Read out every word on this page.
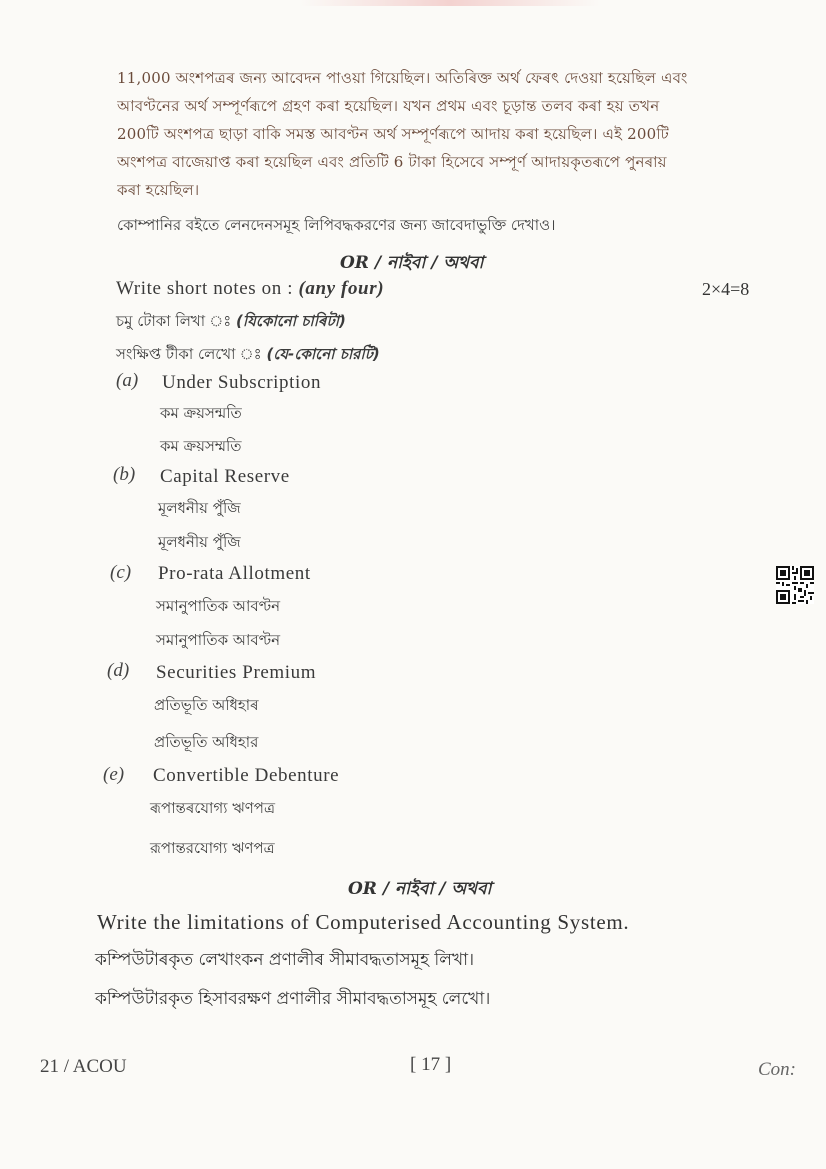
11,000 অংশপত্ৰৰ জন্য আবেদন পাওয়া গিয়েছিল। অতিৰিক্ত অৰ্থ ফেৰৎ দেওয়া হয়েছিল এবং
আবণ্টনের অৰ্থ সম্পূৰ্ণৰূপে গ্ৰহণ কৰা হয়েছিল। যখন প্ৰথম এবং চূড়ান্ত তলব কৰা হয় তখন
200টি অংশপত্ৰ ছাড়া বাকি সমস্ত আবণ্টন অৰ্থ সম্পূৰ্ণৰূপে আদায় কৰা হয়েছিল। এই 200টি
অংশপত্ৰ বাজেয়াপ্ত কৰা হয়েছিল এবং প্ৰতিটি 6 টাকা হিসেবে সম্পূৰ্ণ আদায়কৃতৰূপে পুনৰায়
কৰা হয়েছিল।
কোম্পানির বইতে লেনদেনসমূহ লিপিবদ্ধকরণের জন্য জাবেদাভুক্তি দেখাও।
OR / নাইবা / অথবা
Write short notes on : (any four)	2×4=8
চমু টোকা লিখা ঃ (যিকোনো চাৰিটা)
সংক্ষিপ্ত টীকা লেখো ঃ (যে-কোনো চারটি)
(a) Under Subscription
কম ক্ৰয়সন্মতি
কম ক্রয়সম্মতি
(b) Capital Reserve
মূলধনীয় পুঁজি
মূলধনীয় পুঁজি
(c) Pro-rata Allotment
সমানুপাতিক আবণ্টন
সমানুপাতিক আবণ্টন
(d) Securities Premium
প্ৰতিভূতি অধিহাৰ
প্রতিভূতি অধিহার
(e) Convertible Debenture
ৰূপান্তৰযোগ্য ঋণপত্ৰ
রূপান্তরযোগ্য ঋণপত্র
OR / নাইবা / অথবা
Write the limitations of Computerised Accounting System.
কম্পিউটাৰকৃত লেখাংকন প্ৰণালীৰ সীমাবদ্ধতাসমূহ লিখা।
কম্পিউটারকৃত হিসাবরক্ষণ প্রণালীর সীমাবদ্ধতাসমূহ লেখো।
21 / ACOU	[ 17 ]	Con:
